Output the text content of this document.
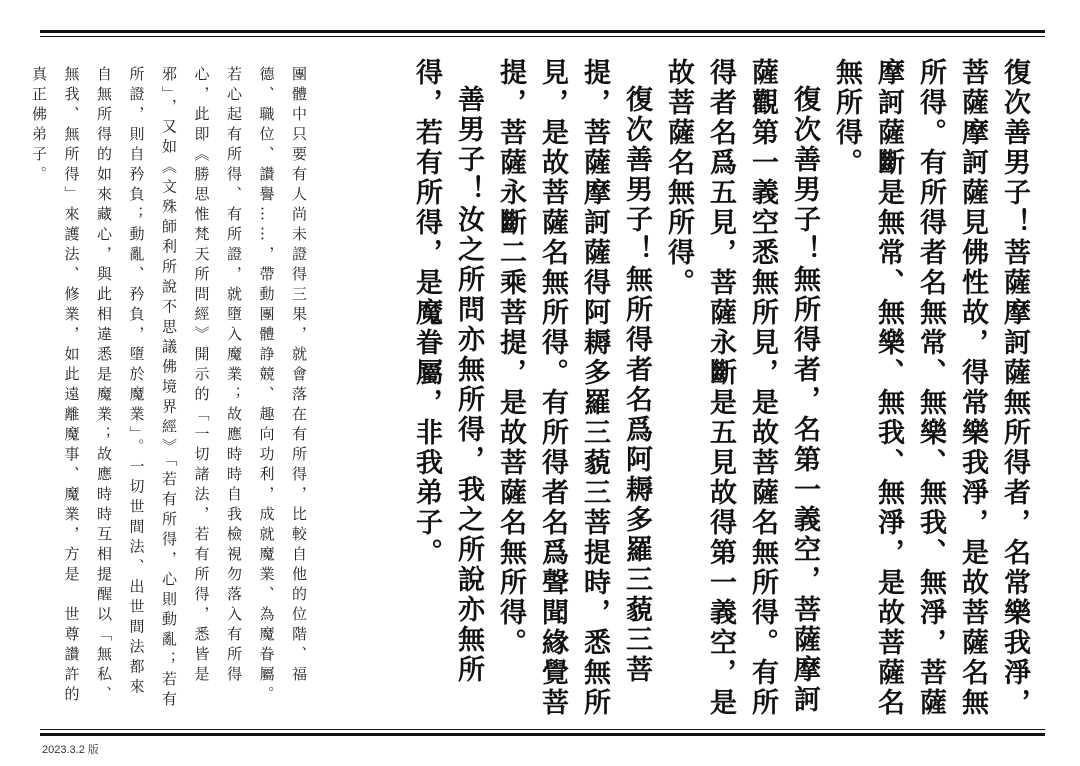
復次善男子！菩薩摩訶薩無所得者，名常樂我淨，菩薩摩訶薩見佛性故，得常樂我淨，是故菩薩名無所得。有所得者名無常、無樂、無我、無淨，菩薩摩訶薩斷是無常、無樂、無我、無淨，是故菩薩名無所得。

復次善男子！無所得者，名第一義空，菩薩摩訶薩觀第一義空悉無所見，是故菩薩名無所得。有所得者名爲五見，菩薩永斷是五見故得第一義空，是故菩薩名無所得。

復次善男子！無所得者名爲阿耨多羅三藐三菩提，菩薩摩訶薩得阿耨多羅三藐三菩提時，悉無所見，是故菩薩名無所得。有所得者名爲聲聞緣覺菩提，菩薩永斷二乘菩提，是故菩薩名無所得。

善男子！汝之所問亦無所得，我之所說亦無所得，若有所得，是魔眷屬，非我弟子。

團體中只要有人尚未證得三果，就會落在有所得，比較自他的位階、福德、職位、讚譽……，帶動團體諍競、趣向功利，成就魔業、為魔眷屬。若心起有所得、有所證，就墮入魔業；故應時時自我檢視勿落入有所得心，此即《勝思惟梵天所問經》開示的「一切諸法，若有所得，悉皆是邪」，又如《文殊師利所說不思議佛境界經》「若有所得，心則動亂；若有所證，則自矜負；動亂、矜負，墮於魔業」。一切世間法、出世間法都來自無所得的如來藏心，與此相違悉是魔業；故應時時互相提醒以「無私、無我、無所得」來護法、修業，如此遠離魔事、魔業，方是　世尊讚許的真正佛弟子。

2023.3.2 版
